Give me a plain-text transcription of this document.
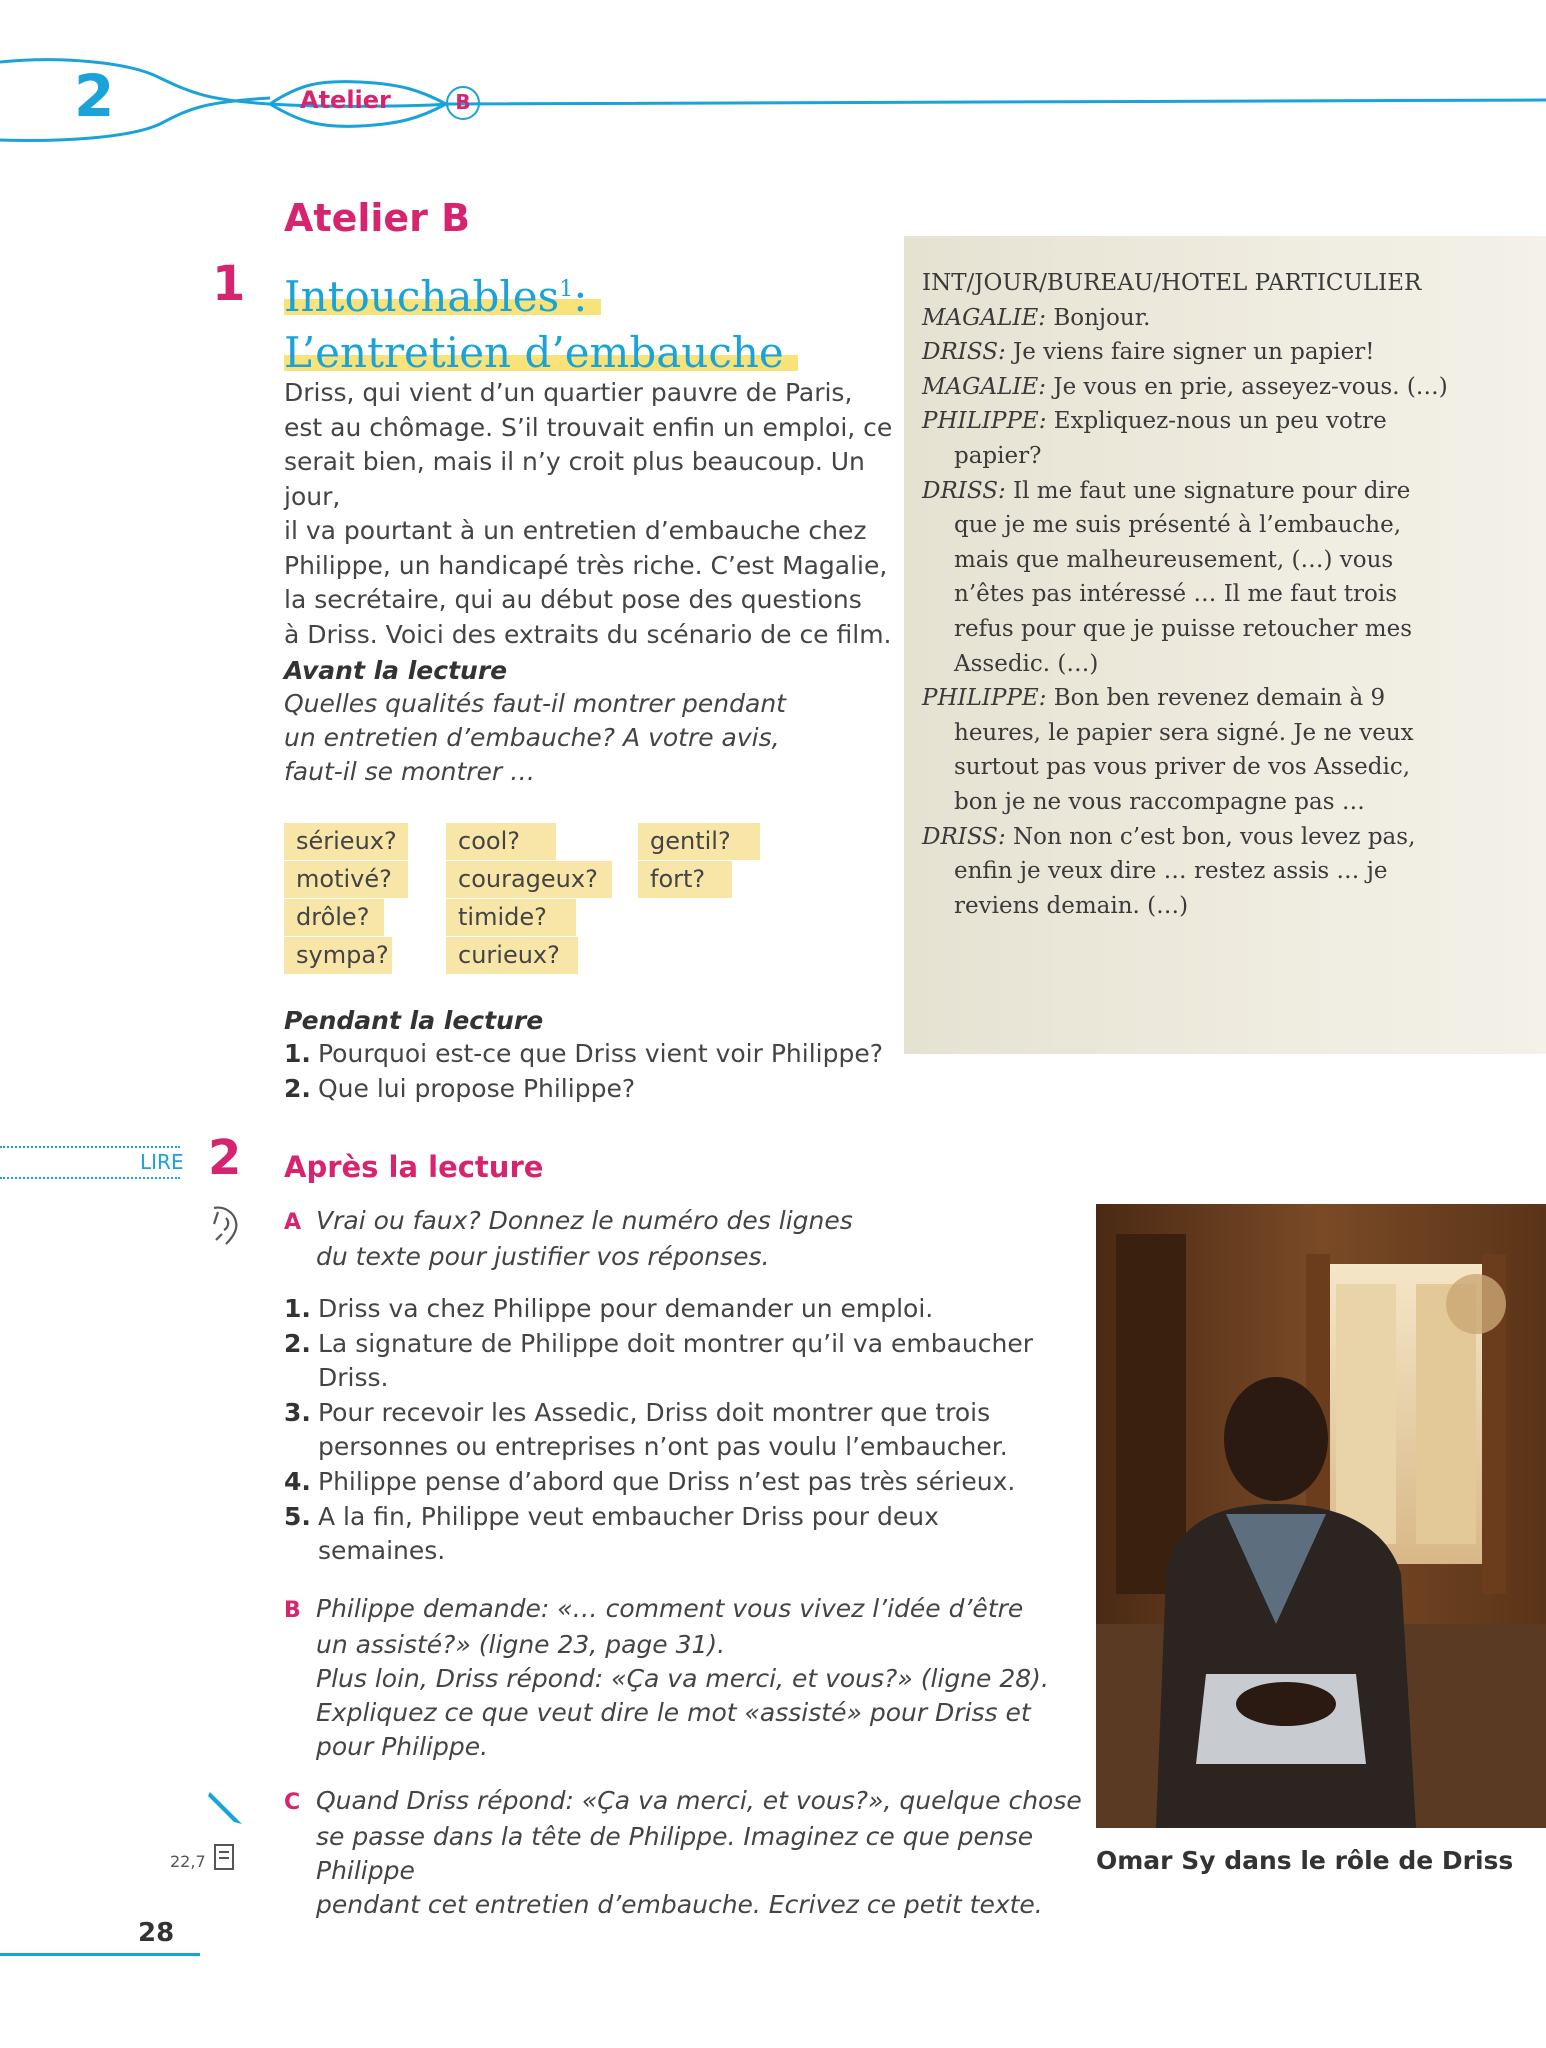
2	Atelier	B
Atelier B
1 Intouchables$^1$:
L’entretien d’embauche
Driss, qui vient d’un quartier pauvre de Paris,
est au chômage. S’il trouvait enfin un emploi, ce
serait bien, mais il n’y croit plus beaucoup. Un jour,
il va pourtant à un entretien d’embauche chez
Philippe, un handicapé très riche. C’est Magalie,
la secrétaire, qui au début pose des questions
à Driss. Voici des extraits du scénario de ce film.
Avant la lecture
Quelles qualités faut-il montrer pendant
un entretien d’embauche? A votre avis,
faut-il se montrer …
sérieux?
motivé?
drôle?
sympa?
cool?
courageux?
timide?
curieux?
gentil?
fort?
Pendant la lecture
1. Pourquoi est-ce que Driss vient voir Philippe?
2. Que lui propose Philippe?
INT/JOUR/BUREAU/HOTEL PARTICULIER
MAGALIE: Bonjour.
DRISS: Je viens faire signer un papier!
MAGALIE: Je vous en prie, asseyez-vous. (…)
PHILIPPE: Expliquez-nous un peu votre
papier?
DRISS: Il me faut une signature pour dire
que je me suis présenté à l’embauche,
mais que malheureusement, (…) vous
n’êtes pas intéressé … Il me faut trois
refus pour que je puisse retoucher mes
Assedic. (…)
PHILIPPE: Bon ben revenez demain à 9
heures, le papier sera signé. Je ne veux
surtout pas vous priver de vos Assedic,
bon je ne vous raccompagne pas …
DRISS: Non non c’est bon, vous levez pas,
enfin je veux dire … restez assis … je
reviens demain. (…)
LIRE 2 Après la lecture
A Vrai ou faux? Donnez le numéro des lignes
du texte pour justifier vos réponses.
1. Driss va chez Philippe pour demander un emploi.
2. La signature de Philippe doit montrer qu’il va embaucher
Driss.
3. Pour recevoir les Assedic, Driss doit montrer que trois
personnes ou entreprises n’ont pas voulu l’embaucher.
4. Philippe pense d’abord que Driss n’est pas très sérieux.
5. A la fin, Philippe veut embaucher Driss pour deux
semaines.
B Philippe demande: «… comment vous vivez l’idée d’être
un assisté?» (ligne 23, page 31).
Plus loin, Driss répond: «Ça va merci, et vous?» (ligne 28).
Expliquez ce que veut dire le mot «assisté» pour Driss et
pour Philippe.
22,7
C Quand Driss répond: «Ça va merci, et vous?», quelque chose
se passe dans la tête de Philippe. Imaginez ce que pense Philippe
pendant cet entretien d’embauche. Ecrivez ce petit texte.
Omar Sy dans le rôle de Driss
28
